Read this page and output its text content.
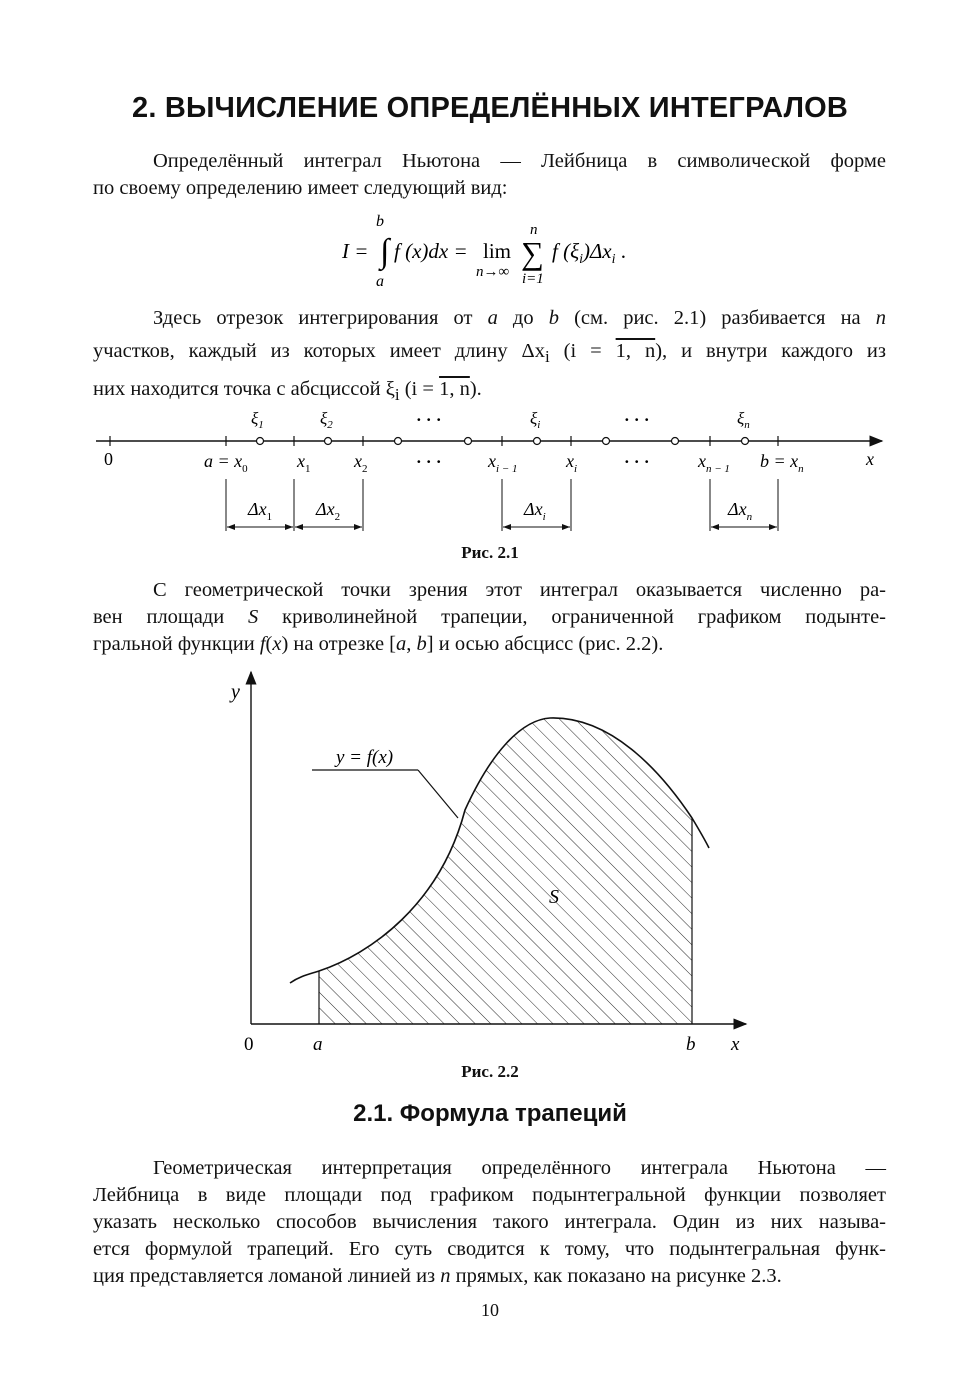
2. ВЫЧИСЛЕНИЕ ОПРЕДЕЛЁННЫХ ИНТЕГРАЛОВ
Определённый интеграл Ньютона — Лейбница в символической форме
по своему определению имеет следующий вид:
I = ∫
b
a
f (x)dx = lim
n→∞
∑
n
i=1
f $(\xi_i)\Delta x_i$ .
Здесь отрезок интегрирования от a до b (см. рис. 2.1) разбивается на n
участков, каждый из которых имеет длину $\Delta x_i$ (i = 1, n), и внутри каждого из
них находится точка с абсциссой $\xi_i$ (i = 1, n).
$\xi_1$	$\xi_2$	$\xi_i$	$\xi_n$
· · ·	· · ·
0	$a = x_0$	$x_1$ $x_2$	$x_{i - 1}$	$x_i$	$x_{n - 1}$ $b = x_n$
· · ·	· · ·	x
$\Delta x_1$ $\Delta x_2$	$\Delta x_i$	$\Delta x_n$
Рис. 2.1
С геометрической точки зрения этот интеграл оказывается численно ра-
вен площади S криволинейной трапеции, ограниченной графиком подынте-
гральной функции f(x) на отрезке [a, b] и осью абсцисс (рис. 2.2).
y = f(x)
S
y
0	a	b x
Рис. 2.2
2.1. Формула трапеций
Геометрическая интерпретация определённого интеграла Ньютона —
Лейбница в виде площади под графиком подынтегральной функции позволяет
указать несколько способов вычисления такого интеграла. Один из них называ-
ется формулой трапеций. Его суть сводится к тому, что подынтегральная функ-
ция представляется ломаной линией из n прямых, как показано на рисунке 2.3.
10
